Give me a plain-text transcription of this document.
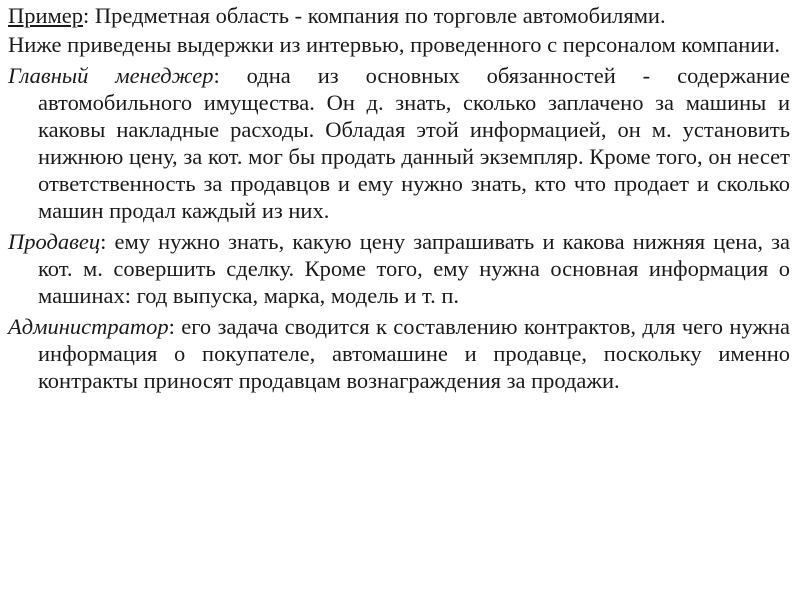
Пример: Предметная область - компания по торговле автомобилями.

Ниже приведены выдержки из интервью, проведенного с персоналом компании.

Главный менеджер: одна из основных обязанностей - содержание автомобильного имущества. Он д. знать, сколько заплачено за машины и каковы накладные расходы. Обладая этой информацией, он м. установить нижнюю цену, за кот. мог бы продать данный экземпляр. Кроме того, он несет ответственность за продавцов и ему нужно знать, кто что продает и сколько машин продал каждый из них.

Продавец: ему нужно знать, какую цену запрашивать и какова нижняя цена, за кот. м. совершить сделку. Кроме того, ему нужна основная информация о машинах: год выпуска, марка, модель и т. п.

Администратор: его задача сводится к составлению контрактов, для чего нужна информация о покупателе, автомашине и продавце, поскольку именно контракты приносят продавцам вознаграждения за продажи.
